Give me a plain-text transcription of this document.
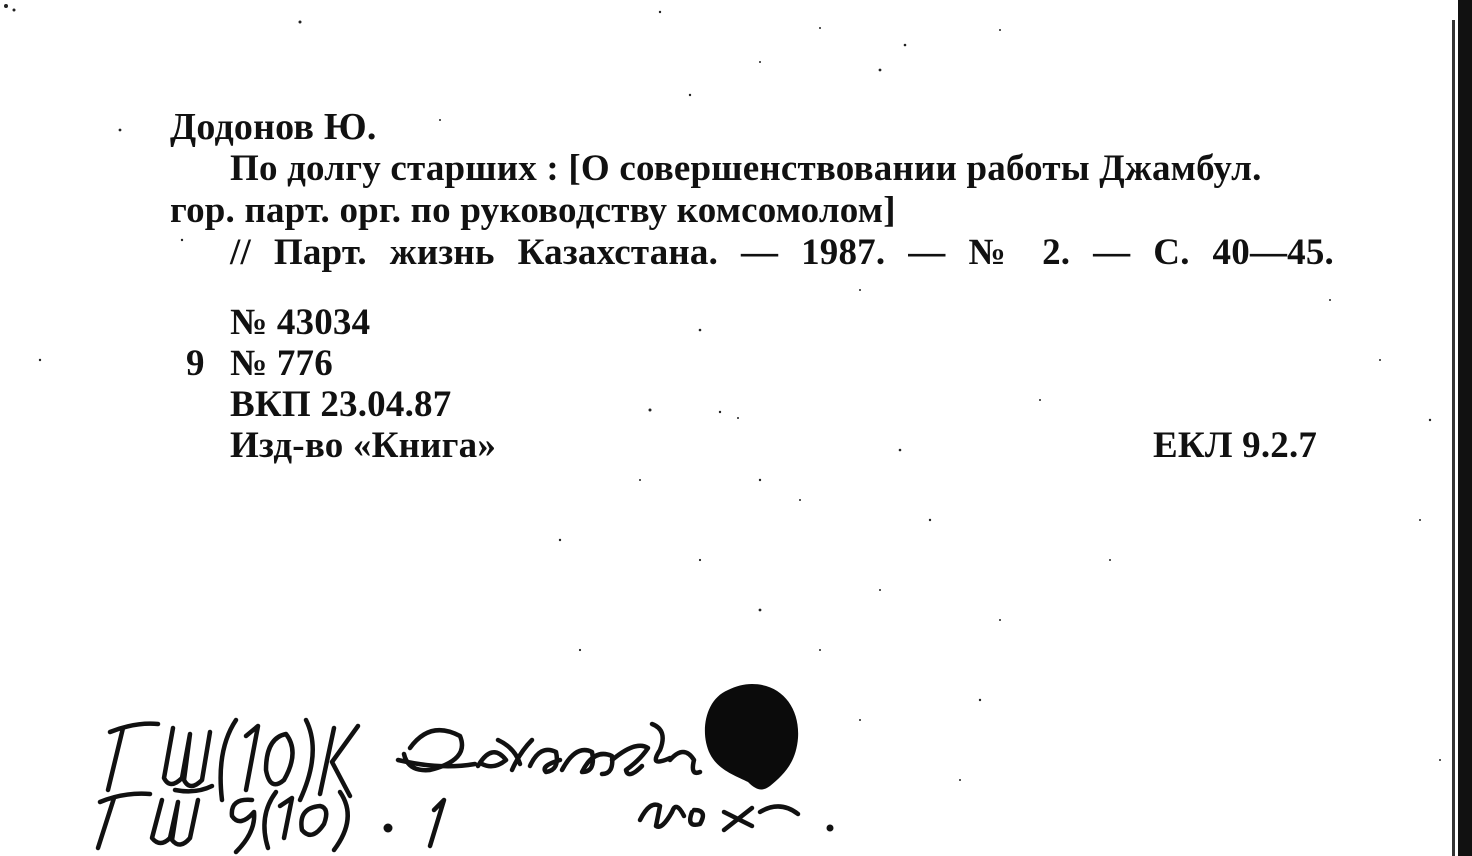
Додонов Ю.
По долгу старших : [О совершенствовании работы Джамбул.
гор. парт. орг. по руководству комсомолом]
// Парт. жизнь Казахстана. — 1987. — № 2. — С. 40—45.
№ 43034
9 № 776
ВКП 23.04.87
Изд-во «Книга»	ЕКЛ 9.2.7
